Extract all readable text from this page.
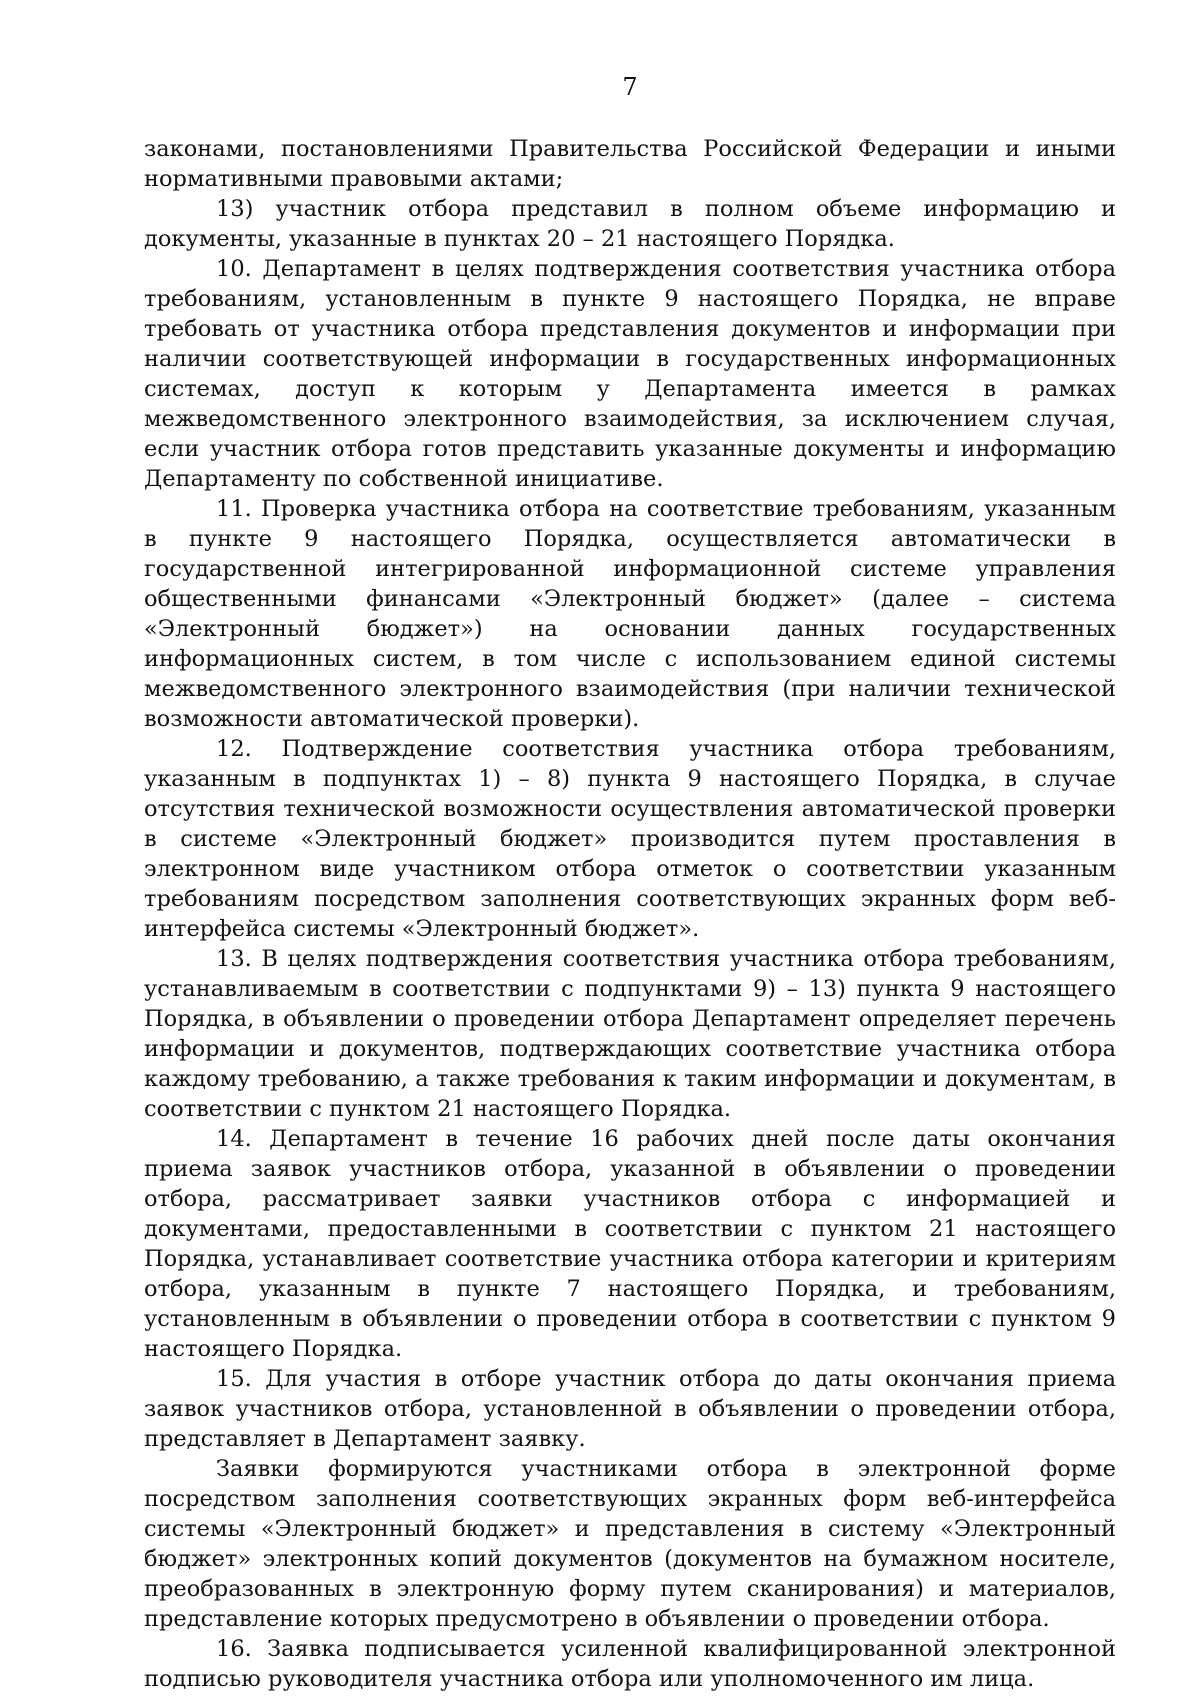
7

законами, постановлениями Правительства Российской Федерации и иными нормативными правовыми актами;

13) участник отбора представил в полном объеме информацию и документы, указанные в пунктах 20 – 21 настоящего Порядка.

10. Департамент в целях подтверждения соответствия участника отбора требованиям, установленным в пункте 9 настоящего Порядка, не вправе требовать от участника отбора представления документов и информации при наличии соответствующей информации в государственных информационных системах, доступ к которым у Департамента имеется в рамках межведомственного электронного взаимодействия, за исключением случая, если участник отбора готов представить указанные документы и информацию Департаменту по собственной инициативе.

11. Проверка участника отбора на соответствие требованиям, указанным в пункте 9 настоящего Порядка, осуществляется автоматически в государственной интегрированной информационной системе управления общественными финансами «Электронный бюджет» (далее – система «Электронный бюджет») на основании данных государственных информационных систем, в том числе с использованием единой системы межведомственного электронного взаимодействия (при наличии технической возможности автоматической проверки).

12. Подтверждение соответствия участника отбора требованиям, указанным в подпунктах 1) – 8) пункта 9 настоящего Порядка, в случае отсутствия технической возможности осуществления автоматической проверки в системе «Электронный бюджет» производится путем проставления в электронном виде участником отбора отметок о соответствии указанным требованиям посредством заполнения соответствующих экранных форм веб-интерфейса системы «Электронный бюджет».

13. В целях подтверждения соответствия участника отбора требованиям, устанавливаемым в соответствии с подпунктами 9) – 13) пункта 9 настоящего Порядка, в объявлении о проведении отбора Департамент определяет перечень информации и документов, подтверждающих соответствие участника отбора каждому требованию, а также требования к таким информации и документам, в соответствии с пунктом 21 настоящего Порядка.

14. Департамент в течение 16 рабочих дней после даты окончания приема заявок участников отбора, указанной в объявлении о проведении отбора, рассматривает заявки участников отбора с информацией и документами, предоставленными в соответствии с пунктом 21 настоящего Порядка, устанавливает соответствие участника отбора категории и критериям отбора, указанным в пункте 7 настоящего Порядка, и требованиям, установленным в объявлении о проведении отбора в соответствии с пунктом 9 настоящего Порядка.

15. Для участия в отборе участник отбора до даты окончания приема заявок участников отбора, установленной в объявлении о проведении отбора, представляет в Департамент заявку.

Заявки формируются участниками отбора в электронной форме посредством заполнения соответствующих экранных форм веб-интерфейса системы «Электронный бюджет» и представления в систему «Электронный бюджет» электронных копий документов (документов на бумажном носителе, преобразованных в электронную форму путем сканирования) и материалов, представление которых предусмотрено в объявлении о проведении отбора.

16. Заявка подписывается усиленной квалифицированной электронной подписью руководителя участника отбора или уполномоченного им лица.
